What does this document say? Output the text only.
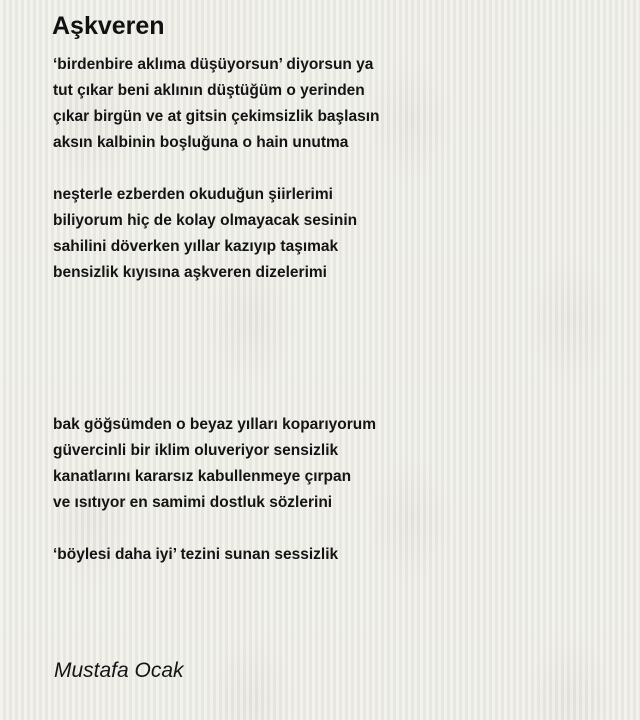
Aşkveren
‘birdenbire aklıma düşüyorsun’ diyorsun ya
tut çıkar beni aklının düştüğüm o yerinden
çıkar birgün ve at gitsin çekimsizlik başlasın
aksın kalbinin boşluğuna o hain unutma
neşterle ezberden okuduğun şiirlerimi
biliyorum hiç de kolay olmayacak sesinin
sahilini döverken yıllar kazıyıp taşımak
bensizlik kıyısına aşkveren dizelerimi
bak göğsümden o beyaz yılları koparıyorum
güvercinli bir iklim oluveriyor sensizlik
kanatlarını kararsız kabullenmeye çırpan
ve ısıtıyor en samimi dostluk sözlerini
‘böylesi daha iyi’ tezini sunan sessizlik
Mustafa Ocak
